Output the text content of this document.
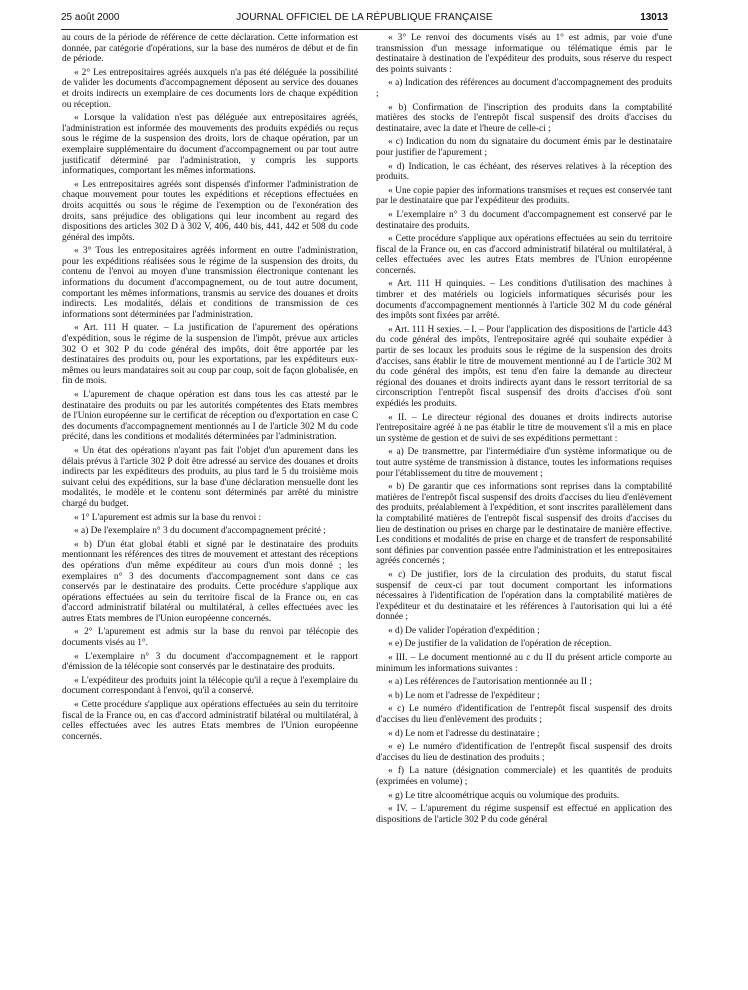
25 août 2000	JOURNAL OFFICIEL DE LA RÉPUBLIQUE FRANÇAISE	13013

au cours de la période de référence de cette déclaration. Cette information est donnée, par catégorie d'opérations, sur la base des numéros de début et de fin de période.

« 2° Les entrepositaires agréés auxquels n'a pas été déléguée la possibilité de valider les documents d'accompagnement déposent au service des douanes et droits indirects un exemplaire de ces documents lors de chaque expédition ou réception.

« Lorsque la validation n'est pas déléguée aux entrepositaires agréés, l'administration est informée des mouvements des produits expédiés ou reçus sous le régime de la suspension des droits, lors de chaque opération, par un exemplaire supplémentaire du document d'accompagnement ou par tout autre justificatif déterminé par l'administration, y compris les supports informatiques, comportant les mêmes informations.

« Les entrepositaires agréés sont dispensés d'informer l'administration de chaque mouvement pour toutes les expéditions et réceptions effectuées en droits acquittés ou sous le régime de l'exemption ou de l'exonération des droits, sans préjudice des obligations qui leur incombent au regard des dispositions des articles 302 D à 302 V, 406, 440 bis, 441, 442 et 508 du code général des impôts.

« 3° Tous les entrepositaires agréés informent en outre l'administration, pour les expéditions réalisées sous le régime de la suspension des droits, du contenu de l'envoi au moyen d'une transmission électronique contenant les informations du document d'accompagnement, ou de tout autre document, comportant les mêmes informations, transmis au service des douanes et droits indirects. Les modalités, délais et conditions de transmission de ces informations sont déterminées par l'administration.

« Art. 111 H quater. – La justification de l'apurement des opérations d'expédition, sous le régime de la suspension de l'impôt, prévue aux articles 302 O et 302 P du code général des impôts, doit être apportée par les destinataires des produits ou, pour les exportations, par les expéditeurs eux-mêmes ou leurs mandataires soit au coup par coup, soit de façon globalisée, en fin de mois.

« L'apurement de chaque opération est dans tous les cas attesté par le destinataire des produits ou par les autorités compétentes des Etats membres de l'Union européenne sur le certificat de réception ou d'exportation en case C des documents d'accompagnement mentionnés au I de l'article 302 M du code précité, dans les conditions et modalités déterminées par l'administration.

« Un état des opérations n'ayant pas fait l'objet d'un apurement dans les délais prévus à l'article 302 P doit être adressé au service des douanes et droits indirects par les expéditeurs des produits, au plus tard le 5 du troisième mois suivant celui des expéditions, sur la base d'une déclaration mensuelle dont les modalités, le modèle et le contenu sont déterminés par arrêté du ministre chargé du budget.

« 1° L'apurement est admis sur la base du renvoi :

« a) De l'exemplaire n° 3 du document d'accompagnement précité ;

« b) D'un état global établi et signé par le destinataire des produits mentionnant les références des titres de mouvement et attestant des réceptions des opérations d'un même expéditeur au cours d'un mois donné ; les exemplaires n° 3 des documents d'accompagnement sont dans ce cas conservés par le destinataire des produits. Cette procédure s'applique aux opérations effectuées au sein du territoire fiscal de la France ou, en cas d'accord administratif bilatéral ou multilatéral, à celles effectuées avec les autres Etats membres de l'Union européenne concernés.

« 2° L'apurement est admis sur la base du renvoi par télécopie des documents visés au 1°.

« L'exemplaire n° 3 du document d'accompagnement et le rapport d'émission de la télécopie sont conservés par le destinataire des produits.

« L'expéditeur des produits joint la télécopie qu'il a reçue à l'exemplaire du document correspondant à l'envoi, qu'il a conservé.

« Cette procédure s'applique aux opérations effectuées au sein du territoire fiscal de la France ou, en cas d'accord administratif bilatéral ou multilatéral, à celles effectuées avec les autres Etats membres de l'Union européenne concernés.

« 3° Le renvoi des documents visés au 1° est admis, par voie d'une transmission d'un message informatique ou télématique émis par le destinataire à destination de l'expéditeur des produits, sous réserve du respect des points suivants :

« a) Indication des références au document d'accompagnement des produits ;

« b) Confirmation de l'inscription des produits dans la comptabilité matières des stocks de l'entrepôt fiscal suspensif des droits d'accises du destinataire, avec la date et l'heure de celle-ci ;

« c) Indication du nom du signataire du document émis par le destinataire pour justifier de l'apurement ;

« d) Indication, le cas échéant, des réserves relatives à la réception des produits.

« Une copie papier des informations transmises et reçues est conservée tant par le destinataire que par l'expéditeur des produits.

« L'exemplaire n° 3 du document d'accompagnement est conservé par le destinataire des produits.

« Cette procédure s'applique aux opérations effectuées au sein du territoire fiscal de la France ou, en cas d'accord administratif bilatéral ou multilatéral, à celles effectuées avec les autres Etats membres de l'Union européenne concernés.

« Art. 111 H quinquies. – Les conditions d'utilisation des machines à timbrer et des matériels ou logiciels informatiques sécurisés pour les documents d'accompagnement mentionnés à l'article 302 M du code général des impôts sont fixées par arrêté.

« Art. 111 H sexies. – I. – Pour l'application des dispositions de l'article 443 du code général des impôts, l'entrepositaire agréé qui souhaite expédier à partir de ses locaux les produits sous le régime de la suspension des droits d'accises, sans établir le titre de mouvement mentionné au I de l'article 302 M du code général des impôts, est tenu d'en faire la demande au directeur régional des douanes et droits indirects ayant dans le ressort territorial de sa circonscription l'entrepôt fiscal suspensif des droits d'accises d'où sont expédiés les produits.

« II. – Le directeur régional des douanes et droits indirects autorise l'entrepositaire agréé à ne pas établir le titre de mouvement s'il a mis en place un système de gestion et de suivi de ses expéditions permettant :

« a) De transmettre, par l'intermédiaire d'un système informatique ou de tout autre système de transmission à distance, toutes les informations requises pour l'établissement du titre de mouvement ;

« b) De garantir que ces informations sont reprises dans la comptabilité matières de l'entrepôt fiscal suspensif des droits d'accises du lieu d'enlèvement des produits, préalablement à l'expédition, et sont inscrites parallèlement dans la comptabilité matières de l'entrepôt fiscal suspensif des droits d'accises du lieu de destination ou prises en charge par le destinataire de manière effective. Les conditions et modalités de prise en charge et de transfert de responsabilité sont définies par convention passée entre l'administration et les entrepositaires agréés concernés ;

« c) De justifier, lors de la circulation des produits, du statut fiscal suspensif de ceux-ci par tout document comportant les informations nécessaires à l'identification de l'opération dans la comptabilité matières de l'expéditeur et du destinataire et les références à l'autorisation qui lui a été donnée ;

« d) De valider l'opération d'expédition ;

« e) De justifier de la validation de l'opération de réception.

« III. – Le document mentionné au c du II du présent article comporte au minimum les informations suivantes :

« a) Les références de l'autorisation mentionnée au II ;

« b) Le nom et l'adresse de l'expéditeur ;

« c) Le numéro d'identification de l'entrepôt fiscal suspensif des droits d'accises du lieu d'enlèvement des produits ;

« d) Le nom et l'adresse du destinataire ;

« e) Le numéro d'identification de l'entrepôt fiscal suspensif des droits d'accises du lieu de destination des produits ;

« f) La nature (désignation commerciale) et les quantités de produits (exprimées en volume) ;

« g) Le titre alcoométrique acquis ou volumique des produits.

« IV. – L'apurement du régime suspensif est effectué en application des dispositions de l'article 302 P du code général
